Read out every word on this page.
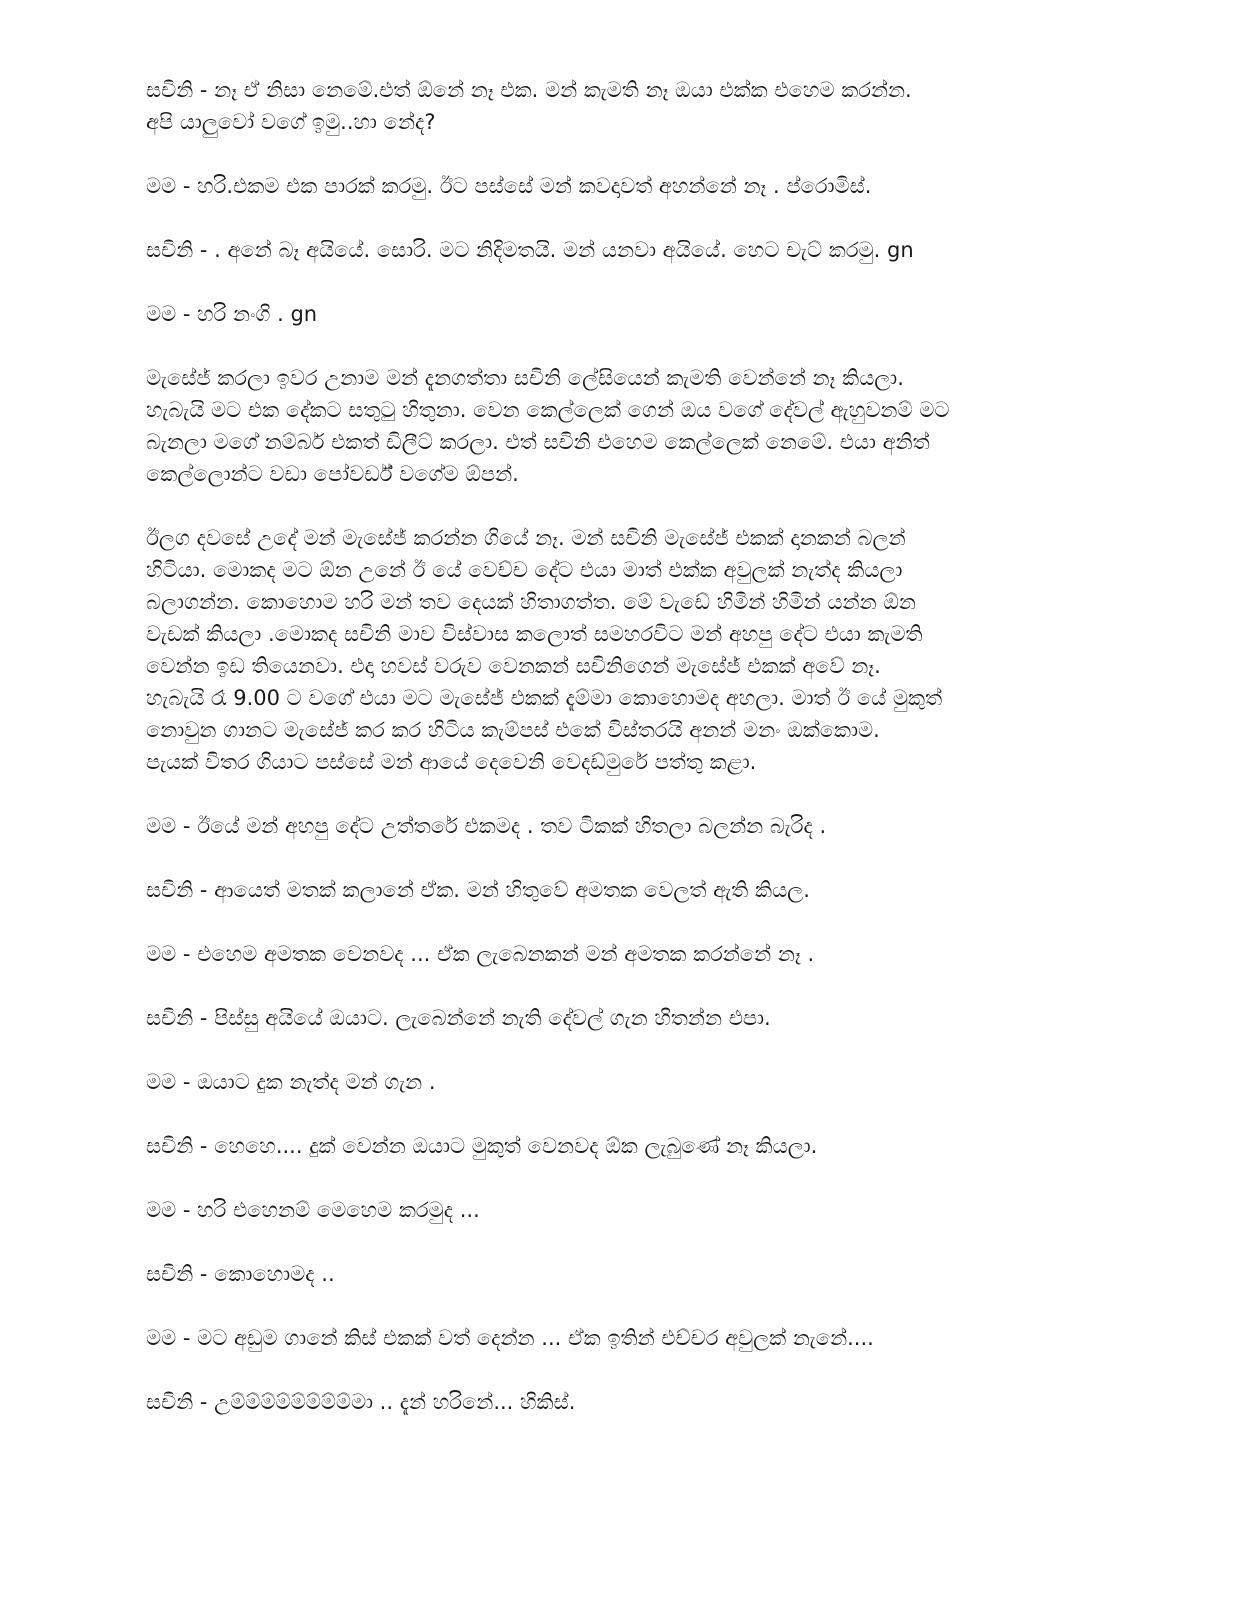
සචිනි - නෑ ඒ නිසා නෙමේ.එත් ඕනේ නෑ එක. මන් කැමති නෑ ඔයා එක්ක එහෙම කරන්න.
අපි යාලුවෝ වගේ ඉමු..හා නේද?

මම - හරි.එකම එක පාරක් කරමු. ඊට පස්සේ මන් කවදාවත් අහන්නේ නෑ . ප්රොමිස්.

සචිනි - . අනේ බෑ අයියේ. සොරි. මට නිදිමතයි. මන් යනවා අයියේ. හෙට චැට් කරමු. gn

මම - හරි නංගි . gn

මැසේජ් කරලා ඉවර උනාම මන් දැනගත්තා සචිනි ලේසියෙන් කැමති වෙන්නේ නෑ කියලා.
හැබැයි මට එක දේකට සතුටු හිතුනා. වෙන කෙල්ලෙක් ගෙන් ඔය වගේ දේවල් ඇහුවනම් මට
බැනලා මගේ නම්බර් එකත් ඩිලීට් කරලා. එත් සචිනි එහෙම කෙල්ලෙක් නෙමේ. එයා අනිත්
කෙල්ලොන්ට වඩා පෝවර්ඩ් වගේම ඕපන්.

ඊලග දවසේ උදේ මන් මැසේජ් කරන්න ගියේ නෑ. මන් සචිනි මැසේජ් එකක් දානකන් බලන්
හිටියා. මොකද මට ඕන උනේ ඊ යේ වෙච්ච දේට එයා මාත් එක්ක අවුලක් නැත්ද කියලා
බලාගන්න. කොහොම හරි මන් තව දෙයක් හිතාගත්ත. මේ වැඩේ හිමින් හිමින් යන්න ඕන
වැඩක් කියලා .මොකද සචිනි මාව විස්වාස කලොත් සමහරවිට මන් අහපු දේට එයා කැමති
වෙන්න ඉඩ තියෙනවා. එදා හවස් වරුව වෙනකන් සචිනිගෙන් මැසේජ් එකක් අවේ නෑ.
හැබැයි රෑ 9.00 ට වගේ එයා මට මැසේජ් එකක් දැම්මා කොහොමද අහලා. මාත් ඊ යේ මුකුත්
නොවුන ගානට මැසේජ් කර කර හිටිය කැම්පස් එකේ විස්තරයි අනන් මනං ඔක්කොම.
පැයක් විතර ගියාට පස්සේ මන් ආයේ දෙවෙනි වෙදඩ්මුරේ පත්තු කළා.

මම - ඊයේ මන් අහපු දේට උත්තරේ එකමද . තව ටිකක් හිතලා බලන්න බැරිද .

සචිනි - ආයෙත් මතක් කලානේ ඒක. මන් හිතුවේ අමතක වෙලත් ඇති කියල.

මම - එහෙම අමතක වෙනවද ... ඒක ලැබෙනකන් මන් අමතක කරන්නේ නෑ .

සචිනි - පිස්සු අයියේ ඔයාට. ලැබෙන්නේ නැති දේවල් ගැන හිතන්න එපා.

මම - ඔයාට දුක නැත්ද මන් ගැන .

සචිනි - හෙහෙ.... දුක් වෙන්න ඔයාට මුකුත් වෙනවද ඕක ලැබුණේ නෑ කියලා.

මම - හරි එහෙනම් මෙහෙම කරමුද ...

සචිනි - කොහොමද ..

මම - මට අඩුම ගානේ කිස් එකක් වත් දෙන්න ... ඒක ඉතින් එච්චර අවුලක් නැනේ....

සචිනි - උම්ම්ම්ම්ම්ම්ම්ම්මා .. දැන් හරිනේ... හිකිස්.
